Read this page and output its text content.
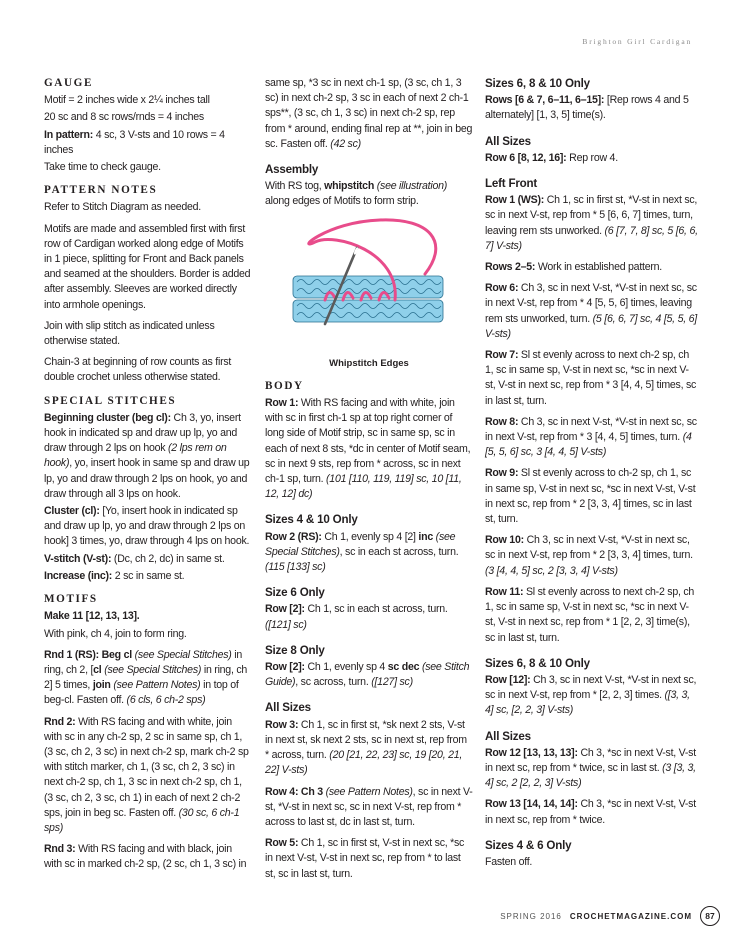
Brighton Girl Cardigan
GAUGE

Motif = 2 inches wide x 2¼ inches tall

20 sc and 8 sc rows/rnds = 4 inches

In pattern: 4 sc, 3 V-sts and 10 rows = 4 inches

Take time to check gauge.

PATTERN NOTES

Refer to Stitch Diagram as needed.

Motifs are made and assembled first with first row of Cardigan worked along edge of Motifs in 1 piece, splitting for Front and Back panels and seamed at the shoulders. Border is added after assembly. Sleeves are worked directly into armhole openings.

Join with slip stitch as indicated unless otherwise stated.

Chain-3 at beginning of row counts as first double crochet unless otherwise stated.

SPECIAL STITCHES

Beginning cluster (beg cl): Ch 3, yo, insert hook in indicated sp and draw up lp, yo and draw through 2 lps on hook (2 lps rem on hook), yo, insert hook in same sp and draw up lp, yo and draw through 2 lps on hook, yo and draw through all 3 lps on hook.

Cluster (cl): [Yo, insert hook in indicated sp and draw up lp, yo and draw through 2 lps on hook] 3 times, yo, draw through 4 lps on hook.

V-stitch (V-st): (Dc, ch 2, dc) in same st.

Increase (inc): 2 sc in same st.

MOTIFS

Make 11 [12, 13, 13].

With pink, ch 4, join to form ring.

Rnd 1 (RS): Beg cl (see Special Stitches) in ring, ch 2, [cl (see Special Stitches) in ring, ch 2] 5 times, join (see Pattern Notes) in top of beg-cl. Fasten off. (6 cls, 6 ch-2 sps)

Rnd 2: With RS facing and with white, join with sc in any ch-2 sp, 2 sc in same sp, ch 1, (3 sc, ch 2, 3 sc) in next ch-2 sp, mark ch-2 sp with stitch marker, ch 1, (3 sc, ch 2, 3 sc) in next ch-2 sp, ch 1, 3 sc in next ch-2 sp, ch 1, (3 sc, ch 2, 3 sc, ch 1) in each of next 2 ch-2 sps, join in beg sc. Fasten off. (30 sc, 6 ch-1 sps)

Rnd 3: With RS facing and with black, join with sc in marked ch-2 sp, (2 sc, ch 1, 3 sc) in

same sp, *3 sc in next ch-1 sp, (3 sc, ch 1, 3 sc) in next ch-2 sp, 3 sc in each of next 2 ch-1 sps**, (3 sc, ch 1, 3 sc) in next ch-2 sp, rep from * around, ending final rep at **, join in beg sc. Fasten off. (42 sc)

Assembly

With RS tog, whipstitch (see illustration) along edges of Motifs to form strip.

Whipstitch Edges
BODY

Row 1: With RS facing and with white, join with sc in first ch-1 sp at top right corner of long side of Motif strip, sc in same sp, sc in each of next 8 sts, *dc in center of Motif seam, sc in next 9 sts, rep from * across, sc in next ch-1 sp, turn. (101 [110, 119, 119] sc, 10 [11, 12, 12] dc)

Sizes 4 & 10 Only

Row 2 (RS): Ch 1, evenly sp 4 [2] inc (see Special Stitches), sc in each st across, turn. (115 [133] sc)

Size 6 Only

Row [2]: Ch 1, sc in each st across, turn. ([121] sc)

Size 8 Only

Row [2]: Ch 1, evenly sp 4 sc dec (see Stitch Guide), sc across, turn. ([127] sc)

All Sizes

Row 3: Ch 1, sc in first st, *sk next 2 sts, V-st in next st, sk next 2 sts, sc in next st, rep from * across, turn. (20 [21, 22, 23] sc, 19 [20, 21, 22] V-sts)

Row 4: Ch 3 (see Pattern Notes), sc in next V-st, *V-st in next sc, sc in next V-st, rep from * across to last st, dc in last st, turn.

Row 5: Ch 1, sc in first st, V-st in next sc, *sc in next V-st, V-st in next sc, rep from * to last st, sc in last st, turn.

Sizes 6, 8 & 10 Only

Rows [6 & 7, 6–11, 6–15]: [Rep rows 4 and 5 alternately] [1, 3, 5] time(s).

All Sizes

Row 6 [8, 12, 16]: Rep row 4.

Left Front

Row 1 (WS): Ch 1, sc in first st, *V-st in next sc, sc in next V-st, rep from * 5 [6, 6, 7] times, turn, leaving rem sts unworked. (6 [7, 7, 8] sc, 5 [6, 6, 7] V-sts)

Rows 2–5: Work in established pattern.

Row 6: Ch 3, sc in next V-st, *V-st in next sc, sc in next V-st, rep from * 4 [5, 5, 6] times, leaving rem sts unworked, turn. (5 [6, 6, 7] sc, 4 [5, 5, 6] V-sts)

Row 7: Sl st evenly across to next ch-2 sp, ch 1, sc in same sp, V-st in next sc, *sc in next V-st, V-st in next sc, rep from * 3 [4, 4, 5] times, sc in last st, turn.

Row 8: Ch 3, sc in next V-st, *V-st in next sc, sc in next V-st, rep from * 3 [4, 4, 5] times, turn. (4 [5, 5, 6] sc, 3 [4, 4, 5] V-sts)

Row 9: Sl st evenly across to ch-2 sp, ch 1, sc in same sp, V-st in next sc, *sc in next V-st, V-st in next sc, rep from * 2 [3, 3, 4] times, sc in last st, turn.

Row 10: Ch 3, sc in next V-st, *V-st in next sc, sc in next V-st, rep from * 2 [3, 3, 4] times, turn. (3 [4, 4, 5] sc, 2 [3, 3, 4] V-sts)

Row 11: Sl st evenly across to next ch-2 sp, ch 1, sc in same sp, V-st in next sc, *sc in next V-st, V-st in next sc, rep from * 1 [2, 2, 3] time(s), sc in last st, turn.

Sizes 6, 8 & 10 Only

Row [12]: Ch 3, sc in next V-st, *V-st in next sc, sc in next V-st, rep from * [2, 2, 3] times. ([3, 3, 4] sc, [2, 2, 3] V-sts)

All Sizes

Row 12 [13, 13, 13]: Ch 3, *sc in next V-st, V-st in next sc, rep from * twice, sc in last st. (3 [3, 3, 4] sc, 2 [2, 2, 3] V-sts)

Row 13 [14, 14, 14]: Ch 3, *sc in next V-st, V-st in next sc, rep from * twice.

Sizes 4 & 6 Only

Fasten off.

SPRING 2016 CROCHETMAGAZINE.COM	87
